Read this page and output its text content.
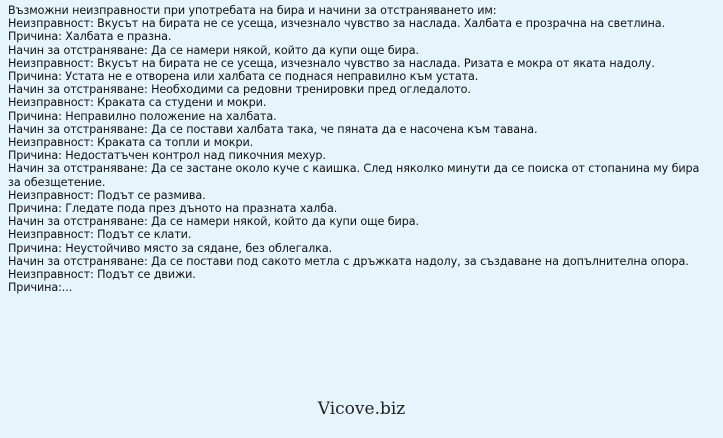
Възможни неизправности при употребата на бира и начини за отстраняването им:

Неизправност: Вкусът на бирата не се усеща, изчезнало чувство за наслада. Халбата е прозрачна на светлина.

Причина: Халбата е празна.

Начин за отстраняване: Да се намери някой, който да купи още бира.

Неизправност: Вкусът на бирата не се усеща, изчезнало чувство за наслада. Ризата е мокра от яката надолу.

Причина: Устата не е отворена или халбата се поднася неправилно към устата.

Начин за отстраняване: Необходими са редовни тренировки пред огледалото.

Неизправност: Краката са студени и мокри.

Причина: Неправилно положение на халбата.

Начин за отстраняване: Да се постави халбата така, че пяната да е насочена към тавана.

Неизправност: Краката са топли и мокри.

Причина: Недостатъчен контрол над пикочния мехур.

Начин за отстраняване: Да се застане около куче с каишка. След няколко минути да се поиска от стопанина му бира за обезщетение.

Неизправност: Подът се размива.

Причина: Гледате пода през дъното на празната халба.

Начин за отстраняване: Да се намери някой, който да купи още бира.

Неизправност: Подът се клати.

Причина: Неустойчиво място за сядане, без облегалка.

Начин за отстраняване: Да се постави под сакото метла с дръжката надолу, за създаване на допълнителна опора.

Неизправност: Подът се движи.

Причина:...

Vicove.biz
